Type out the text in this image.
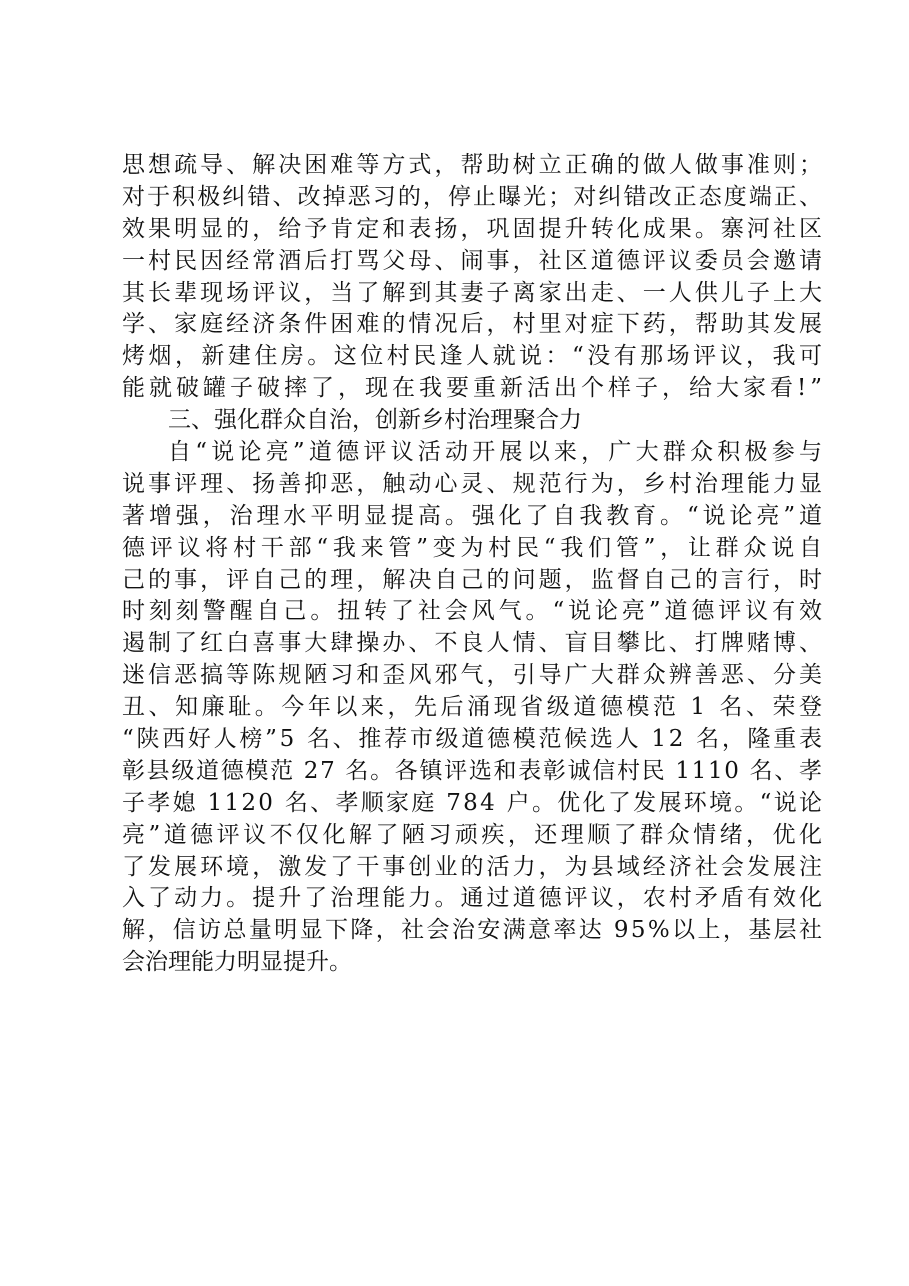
思想疏导、解决困难等方式，帮助树立正确的做人做事准则；
对于积极纠错、改掉恶习的，停止曝光；对纠错改正态度端正、
效果明显的，给予肯定和表扬，巩固提升转化成果。寨河社区
一村民因经常酒后打骂父母、闹事，社区道德评议委员会邀请
其长辈现场评议，当了解到其妻子离家出走、一人供儿子上大
学、家庭经济条件困难的情况后，村里对症下药，帮助其发展
烤烟，新建住房。这位村民逢人就说：“没有那场评议，我可
能就破罐子破摔了，现在我要重新活出个样子，给大家看!”
三、强化群众自治，创新乡村治理聚合力
自“说论亮”道德评议活动开展以来，广大群众积极参与
说事评理、扬善抑恶，触动心灵、规范行为，乡村治理能力显
著增强，治理水平明显提高。强化了自我教育。“说论亮”道
德评议将村干部“我来管”变为村民“我们管”，让群众说自
己的事，评自己的理，解决自己的问题，监督自己的言行，时
时刻刻警醒自己。扭转了社会风气。“说论亮”道德评议有效
遏制了红白喜事大肆操办、不良人情、盲目攀比、打牌赌博、
迷信恶搞等陈规陋习和歪风邪气，引导广大群众辨善恶、分美
丑、知廉耻。今年以来，先后涌现省级道德模范 1 名、荣登
“陕西好人榜”5 名、推荐市级道德模范候选人 12 名，隆重表
彰县级道德模范 27 名。各镇评选和表彰诚信村民 1110 名、孝
子孝媳 1120 名、孝顺家庭 784 户。优化了发展环境。“说论
亮”道德评议不仅化解了陋习顽疾，还理顺了群众情绪，优化
了发展环境，激发了干事创业的活力，为县域经济社会发展注
入了动力。提升了治理能力。通过道德评议，农村矛盾有效化
解，信访总量明显下降，社会治安满意率达 95%以上，基层社
会治理能力明显提升。
